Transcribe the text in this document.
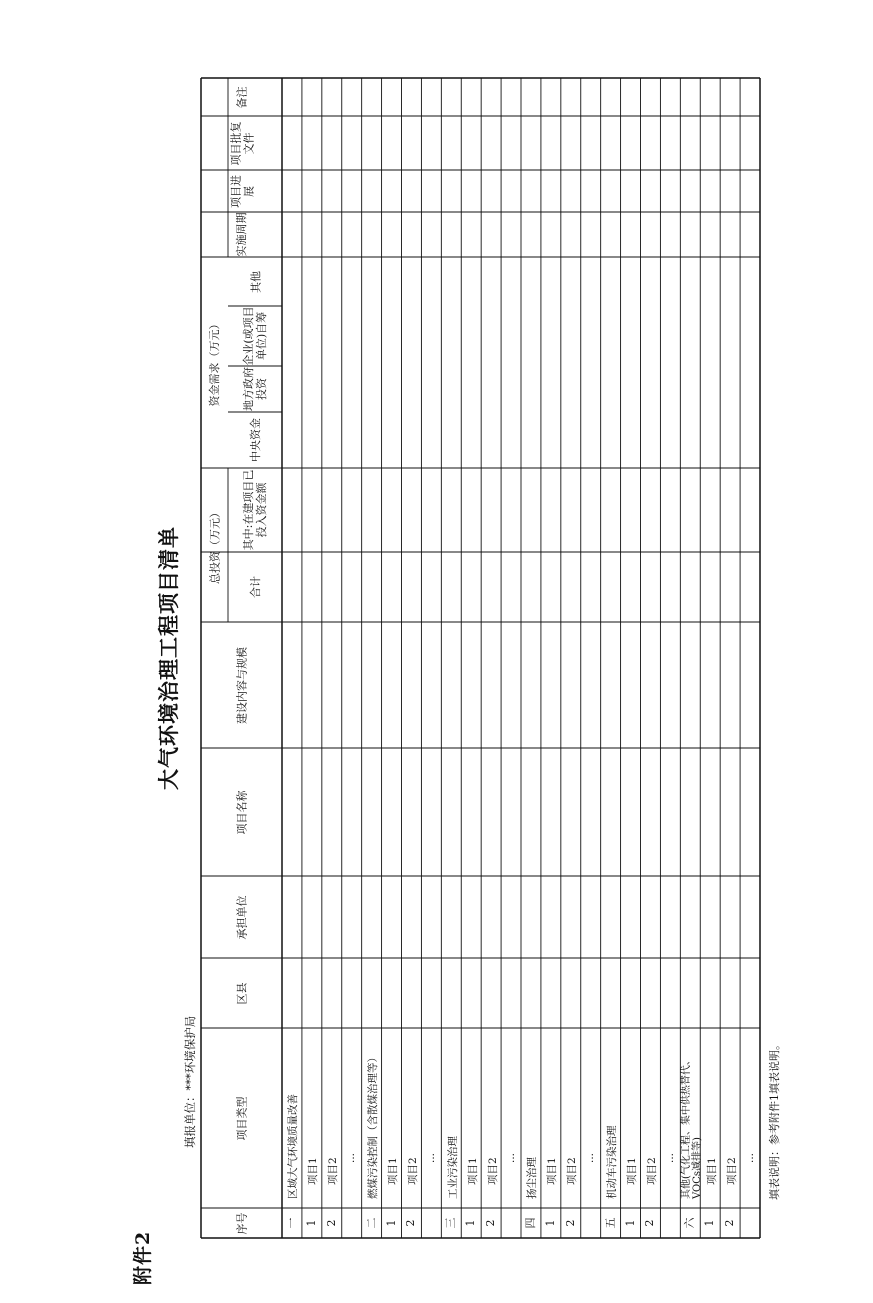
附件2
填报单位：***环境保护局
大气环境治理工程项目清单
序号
项目类型
区县
承担单位
项目名称
建设内容与规模
总投资（万元）
合计
其中:在建项目已投入资金额
资金需求（万元）
中央资金
地方政府投资
企业(或项目单位)自筹
其他
实施周期
项目进展
项目批复文件
备注
一
区域大气环境质量改善
1
项目1
2
项目2 ...
二
燃煤污染控制（含散煤治理等）
1
项目1
2
项目2 ...
三
工业污染治理
1
项目1
2
项目2 ...
四
扬尘治理
1
项目1
2
项目2 ...
五
机动车污染治理
1
项目1
2
项目2 ...
六
其他(气化工程、集中供热替代、VOCs减排等)
1
项目1
2
项目2 ... 填表说明：参考附件1填表说明。
